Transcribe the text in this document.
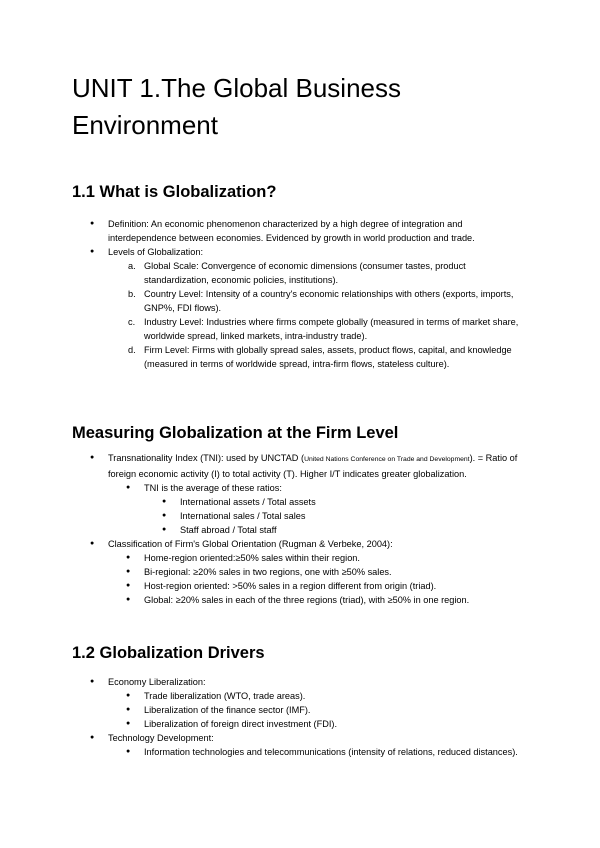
UNIT 1.The Global Business Environment
1.1 What is Globalization?
● Definition: An economic phenomenon characterized by a high degree of integration and interdependence between economies. Evidenced by growth in world production and trade.
● Levels of Globalization:
a. Global Scale: Convergence of economic dimensions (consumer tastes, product standardization, economic policies, institutions).
b. Country Level: Intensity of a country's economic relationships with others (exports, imports, GNP%, FDI flows).
c. Industry Level: Industries where firms compete globally (measured in terms of market share, worldwide spread, linked markets, intra-industry trade).
d. Firm Level: Firms with globally spread sales, assets, product flows, capital, and knowledge (measured in terms of worldwide spread, intra-firm flows, stateless culture).
Measuring Globalization at the Firm Level
● Transnationality Index (TNI): used by UNCTAD (United Nations Conference on Trade and Development). = Ratio of foreign economic activity (I) to total activity (T). Higher I/T indicates greater globalization.
● TNI is the average of these ratios:
● International assets / Total assets
● International sales / Total sales
● Staff abroad / Total staff
● Classification of Firm's Global Orientation (Rugman & Verbeke, 2004):
● Home-region oriented:≥50% sales within their region.
● Bi-regional: ≥20% sales in two regions, one with ≥50% sales.
● Host-region oriented: >50% sales in a region different from origin (triad).
● Global: ≥20% sales in each of the three regions (triad), with ≥50% in one region.
1.2 Globalization Drivers
● Economy Liberalization:
● Trade liberalization (WTO, trade areas).
● Liberalization of the finance sector (IMF).
● Liberalization of foreign direct investment (FDI).
● Technology Development:
● Information technologies and telecommunications (intensity of relations, reduced distances).
